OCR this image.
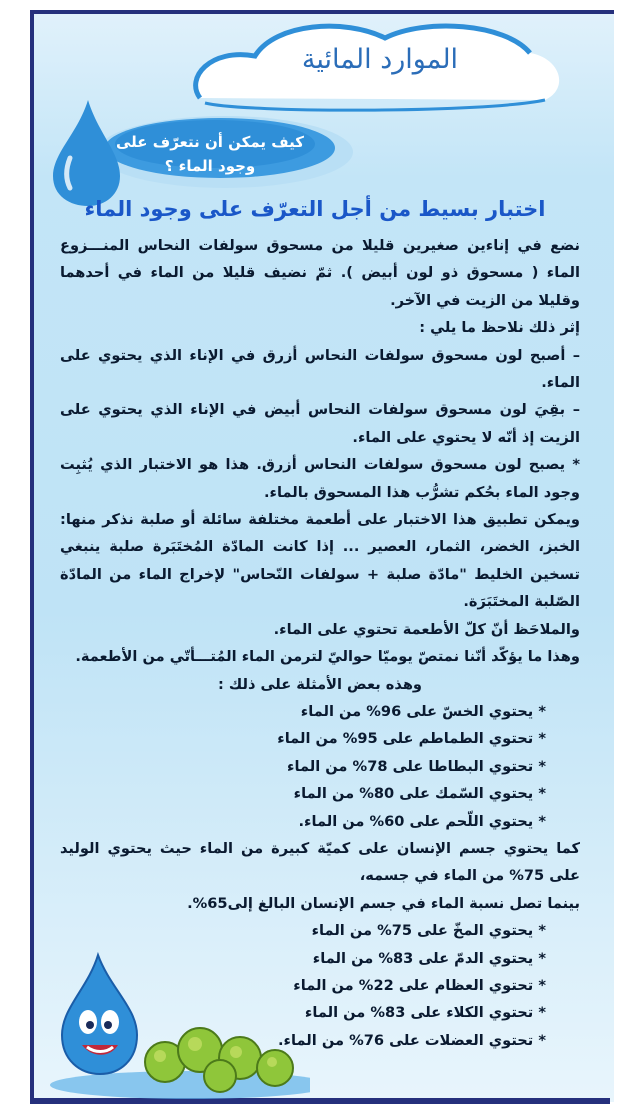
الموارد المائية
كيف يمكن أن نتعرّف على
وجود الماء ؟
اختبار بسيط من أجل التعرّف على وجود الماء

نضع في إناءين صغيرين قليلا من مسحوق سولفات النحاس المنـــزوع الماء ( مسحوق ذو لون أبيض ). ثمّ نضيف قليلا من الماء في أحدهما وقليلا من الزيت في الآخر.

إثر ذلك نلاحظ ما يلي :

– أصبح لون مسحوق سولفات النحاس أزرق في الإناء الذي يحتوي على الماء.

– بقِيَ لون مسحوق سولفات النحاس أبيض في الإناء الذي يحتوي على الزيت إذ أنّه لا يحتوي على الماء.

* يصبح لون مسحوق سولفات النحاس أزرق. هذا هو الاختبار الذي يُثبِت وجود الماء بحُكم تشرُّب هذا المسحوق بالماء.

ويمكن تطبيق هذا الاختبار على أطعمة مختلفة سائلة أو صلبة نذكر منها: الخبز، الخضر، الثمار، العصير ... إذا كانت المادّة المُختَبَرة صلبة ينبغي تسخين الخليط "مادّة صلبة + سولفات النّحاس" لإخراج الماء من المادّة الصّلبة المختَبَرَة.

والملاحَظ أنّ كلّ الأطعمة تحتوي على الماء.

وهذا ما يؤكّد أنّنا نمتصّ يوميّا حواليّ لترمن الماء المُتـــأتّي من الأطعمة.

وهذه بعض الأمثلة على ذلك :

* يحتوي الخسّ على 96% من الماء

* تحتوي الطماطم على 95% من الماء

* تحتوي البطاطا على 78% من الماء

* يحتوي السّمك على 80% من الماء

* يحتوي اللّحم على 60% من الماء.

كما يحتوي جسم الإنسان على كميّة كبيرة من الماء حيث يحتوي الوليد على 75% من الماء في جسمه،

بينما تصل نسبة الماء في جسم الإنسان البالغ إلى65%.

* يحتوي المخّ على 75% من الماء

* يحتوي الدمّ على 83% من الماء

* تحتوي العظام على 22% من الماء

* تحتوي الكلاء على 83% من الماء

* تحتوي العضلات على 76% من الماء.
